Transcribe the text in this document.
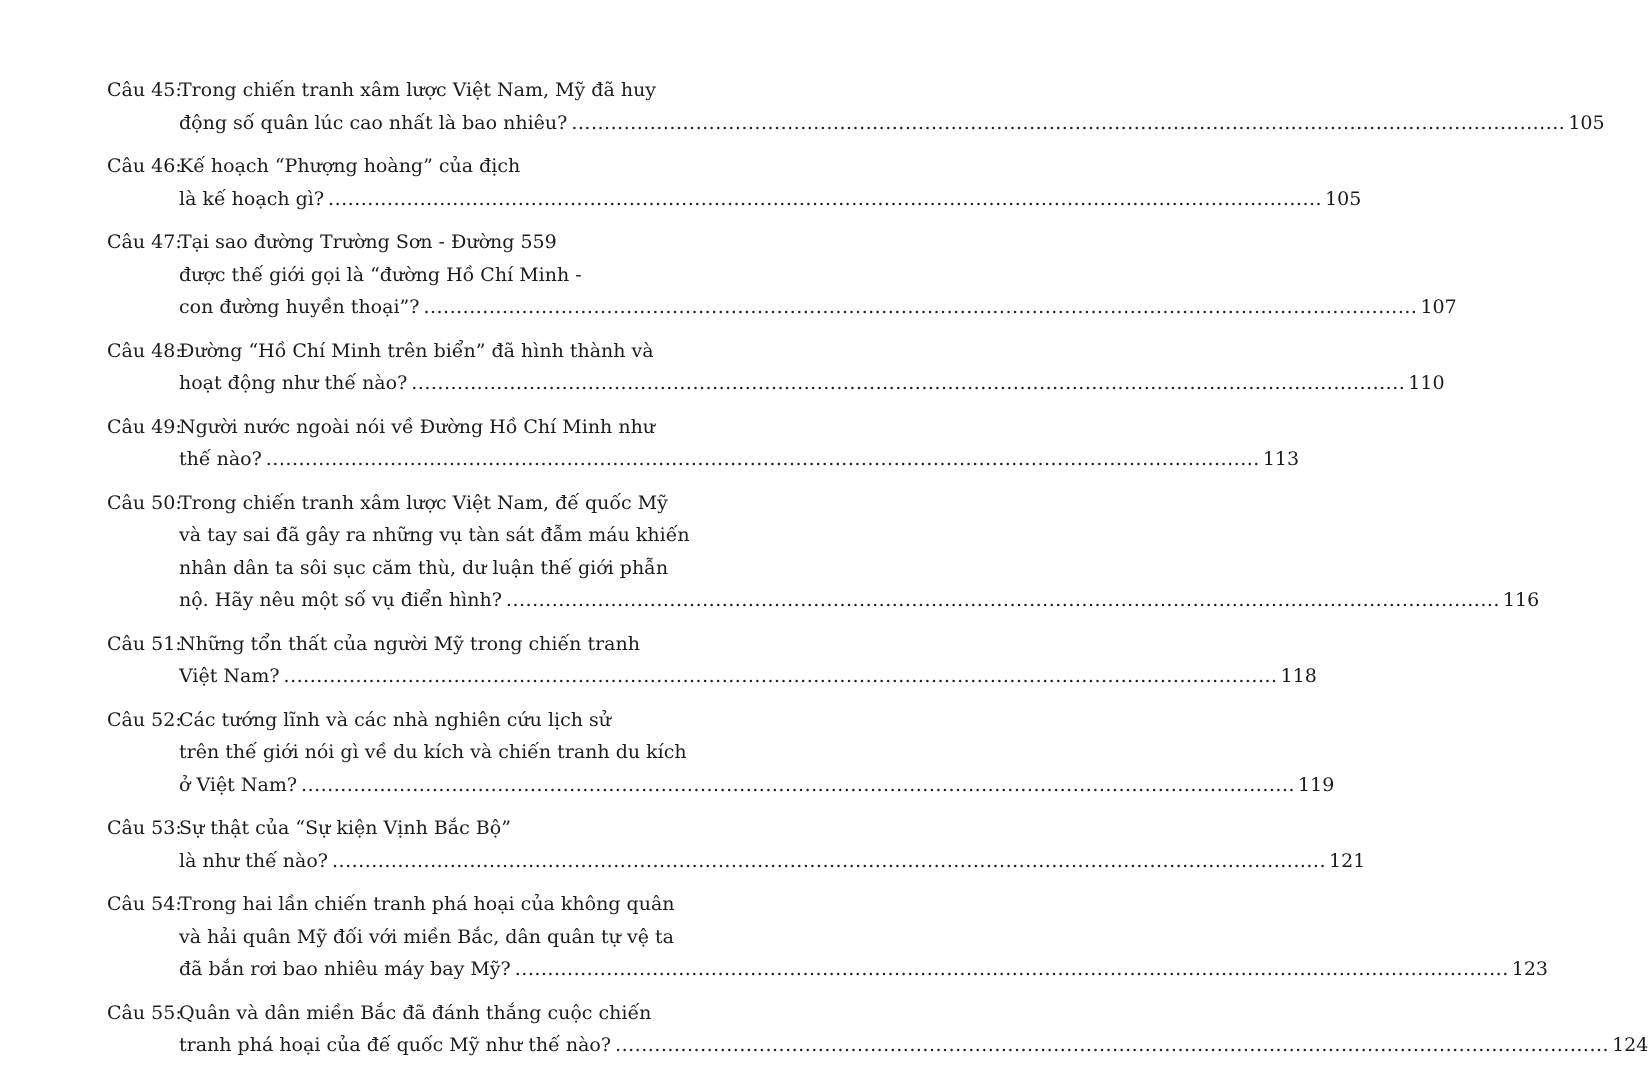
Câu 45:
Trong chiến tranh xâm lược Việt Nam, Mỹ đã huy
động số quân lúc cao nhất là bao nhiêu? .....	105
Câu 46:
Kế hoạch “Phượng hoàng” của địch
là kế hoạch gì? .....	105
Câu 47:
Tại sao đường Trường Sơn - Đường 559
được thế giới gọi là “đường Hồ Chí Minh -
con đường huyền thoại”? .....	107
Câu 48:
Đường “Hồ Chí Minh trên biển” đã hình thành và
hoạt động như thế nào? .....	110
Câu 49:
Người nước ngoài nói về Đường Hồ Chí Minh như
thế nào? .....	113
Câu 50:
Trong chiến tranh xâm lược Việt Nam, đế quốc Mỹ
và tay sai đã gây ra những vụ tàn sát đẫm máu khiến
nhân dân ta sôi sục căm thù, dư luận thế giới phẫn
nộ. Hãy nêu một số vụ điển hình? .....	116
Câu 51:
Những tổn thất của người Mỹ trong chiến tranh
Việt Nam? .....	118
Câu 52:
Các tướng lĩnh và các nhà nghiên cứu lịch sử
trên thế giới nói gì về du kích và chiến tranh du kích
ở Việt Nam? .....	119
Câu 53:
Sự thật của “Sự kiện Vịnh Bắc Bộ”
là như thế nào? .....	121
Câu 54:
Trong hai lần chiến tranh phá hoại của không quân
và hải quân Mỹ đối với miền Bắc, dân quân tự vệ ta
đã bắn rơi bao nhiêu máy bay Mỹ? .....	123
Câu 55:
Quân và dân miền Bắc đã đánh thắng cuộc chiến
tranh phá hoại của đế quốc Mỹ như thế nào? .....	124
